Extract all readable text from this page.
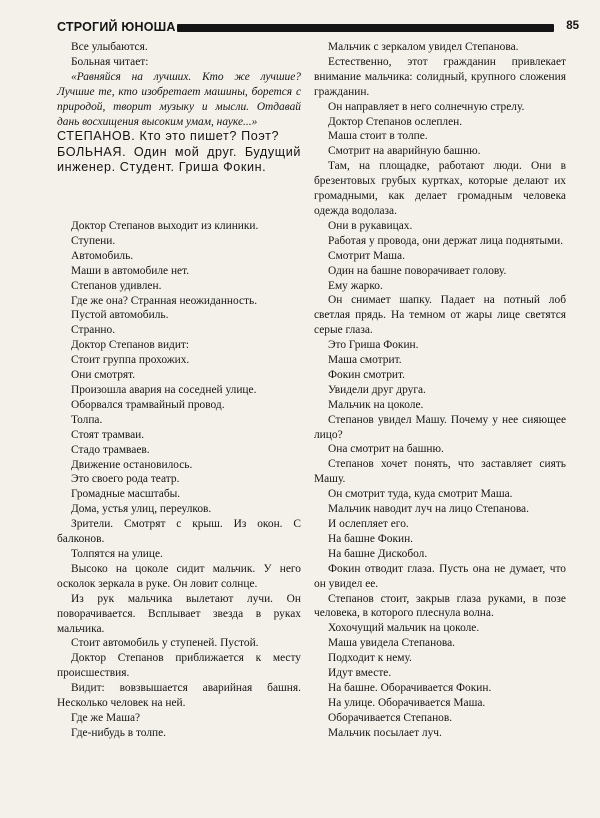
СТРОГИЙ ЮНОША	85

Все улыбаются.

Больная читает:

«Равняйся на лучших. Кто же лучшие? Лучшие те, кто изобретает машины, борется с природой, творит музыку и мысли. Отдавай дань восхищения высоким умам, науке...»

СТЕПАНОВ. Кто это пишет? Поэт?

БОЛЬНАЯ. Один мой друг. Будущий инженер. Студент. Гриша Фокин.

Доктор Степанов выходит из клиники.

Ступени.

Автомобиль.

Маши в автомобиле нет.

Степанов удивлен.

Где же она? Странная неожиданность.

Пустой автомобиль.

Странно.

Доктор Степанов видит:

Стоит группа прохожих.

Они смотрят.

Произошла авария на соседней улице.

Оборвался трамвайный провод.

Толпа.

Стоят трамваи.

Стадо трамваев.

Движение остановилось.

Это своего рода театр.

Громадные масштабы.

Дома, устья улиц, переулков.

Зрители. Смотрят с крыш. Из окон. С балконов.

Толпятся на улице.

Высоко на цоколе сидит мальчик. У него осколок зеркала в руке. Он ловит солнце.

Из рук мальчика вылетают лучи. Он поворачивается. Всплывает звезда в руках мальчика.

Стоит автомобиль у ступеней. Пустой.

Доктор Степанов приближается к месту происшествия.

Видит: вовзвышается аварийная башня. Несколько человек на ней.

Где же Маша?

Где-нибудь в толпе.

Мальчик с зеркалом увидел Степанова.

Естественно, этот гражданин привлекает внимание мальчика: солидный, крупного сложения гражданин.

Он направляет в него солнечную стрелу.

Доктор Степанов ослеплен.

Маша стоит в толпе.

Смотрит на аварийную башню.

Там, на площадке, работают люди. Они в брезентовых грубых куртках, которые делают их громадными, как делает громадным человека одежда водолаза.

Они в рукавицах.

Работая у провода, они держат лица поднятыми.

Смотрит Маша.

Один на башне поворачивает голову.

Ему жарко.

Он снимает шапку. Падает на потный лоб светлая прядь. На темном от жары лице светятся серые глаза.

Это Гриша Фокин.

Маша смотрит.

Фокин смотрит.

Увидели друг друга.

Мальчик на цоколе.

Степанов увидел Машу. Почему у нее сияющее лицо?

Она смотрит на башню.

Степанов хочет понять, что заставляет сиять Машу.

Он смотрит туда, куда смотрит Маша.

Мальчик наводит луч на лицо Степанова.

И ослепляет его.

На башне Фокин.

На башне Дискобол.

Фокин отводит глаза. Пусть она не думает, что он увидел ее.

Степанов стоит, закрыв глаза руками, в позе человека, в которого плеснула волна.

Хохочущий мальчик на цоколе.

Маша увидела Степанова.

Подходит к нему.

Идут вместе.

На башне. Оборачивается Фокин.

На улице. Оборачивается Маша.

Оборачивается Степанов.

Мальчик посылает луч.
